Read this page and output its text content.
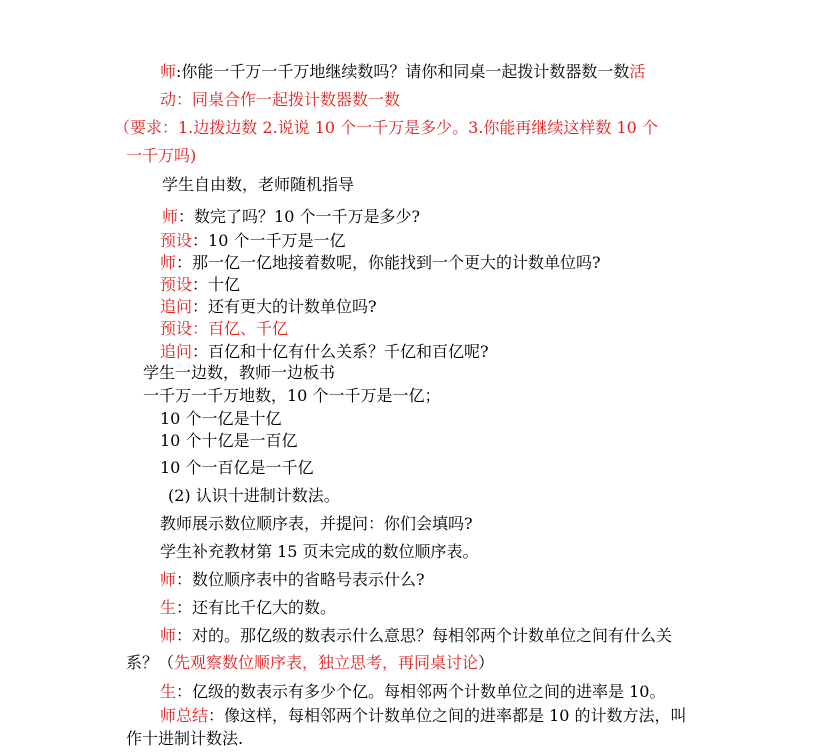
师:你能一千万一千万地继续数吗？请你和同桌一起拨计数器数一数活
动：同桌合作一起拨计数器数一数
（要求：1.边拨边数 2.说说 10 个一千万是多少。3.你能再继续这样数 10 个
一千万吗)
学生自由数，老师随机指导
师：数完了吗？10 个一千万是多少?
预设：10 个一千万是一亿
师：那一亿一亿地接着数呢，你能找到一个更大的计数单位吗?
预设：十亿
追问：还有更大的计数单位吗?
预设：百亿、千亿
追问：百亿和十亿有什么关系？千亿和百亿呢?
学生一边数，教师一边板书
一千万一千万地数，10 个一千万是一亿；
10 个一亿是十亿
10 个十亿是一百亿
10 个一百亿是一千亿
(2) 认识十进制计数法。
教师展示数位顺序表，并提问：你们会填吗?
学生补充教材第 15 页未完成的数位顺序表。
师：数位顺序表中的省略号表示什么?
生：还有比千亿大的数。
师：对的。那亿级的数表示什么意思？每相邻两个计数单位之间有什么关
系？（先观察数位顺序表，独立思考，再同桌讨论）
生：亿级的数表示有多少个亿。每相邻两个计数单位之间的进率是 10。
师总结：像这样，每相邻两个计数单位之间的进率都是 10 的计数方法，叫
作十进制计数法.
